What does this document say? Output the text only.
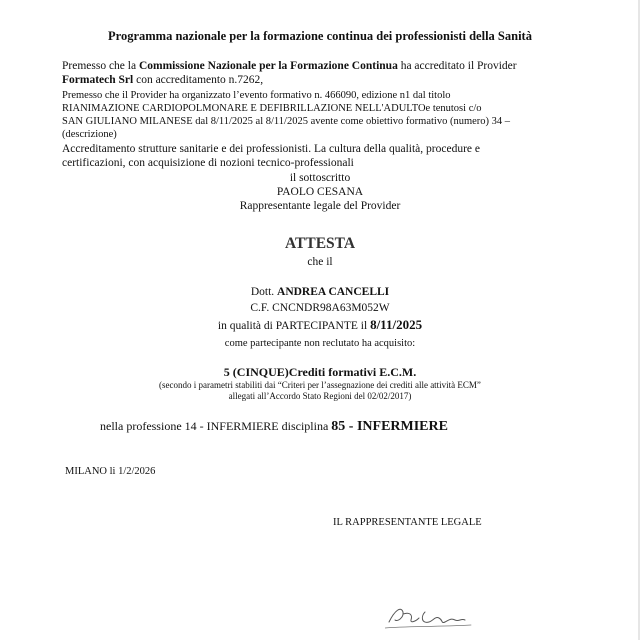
Programma nazionale per la formazione continua dei professionisti della Sanità
Premesso che la Commissione Nazionale per la Formazione Continua ha accreditato il Provider
Formatech Srl con accreditamento n.7262,
Premesso che il Provider ha organizzato l’evento formativo n. 466090, edizione n1 dal titolo
RIANIMAZIONE CARDIOPOLMONARE E DEFIBRILLAZIONE NELL'ADULTOe tenutosi c/o
SAN GIULIANO MILANESE dal 8/11/2025 al 8/11/2025 avente come obiettivo formativo (numero) 34 –
(descrizione)
Accreditamento strutture sanitarie e dei professionisti. La cultura della qualità, procedure e
certificazioni, con acquisizione di nozioni tecnico-professionali
il sottoscritto
PAOLO CESANA
Rappresentante legale del Provider
ATTESTA
che il
Dott. ANDREA CANCELLI
C.F. CNCNDR98A63M052W
in qualità di PARTECIPANTE il 8/11/2025
come partecipante non reclutato ha acquisito:
5 (CINQUE)Crediti formativi E.C.M.
(secondo i parametri stabiliti dai “Criteri per l’assegnazione dei crediti alle attività ECM”
allegati all’Accordo Stato Regioni del 02/02/2017)
nella professione 14 - INFERMIERE disciplina 85 - INFERMIERE
MILANO li 1/2/2026
IL RAPPRESENTANTE LEGALE
